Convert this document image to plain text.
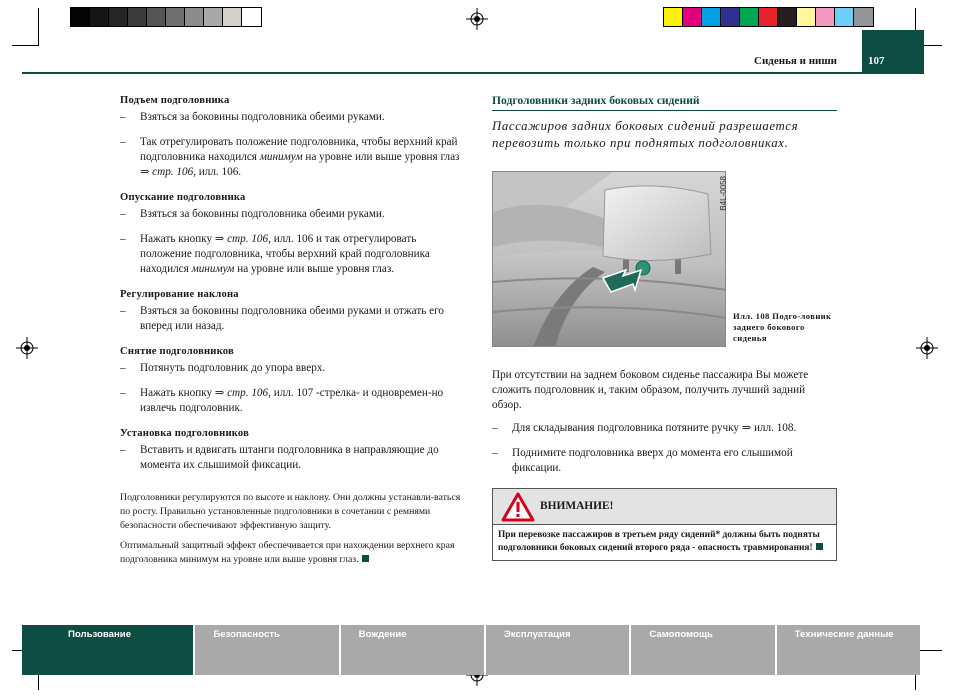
Сиденья и ниши	107
Подъем подголовника
– Взяться за боковины подголовника обеими руками.
– Так отрегулировать положение подголовника, чтобы верхний край подголовника находился минимум на уровне или выше уровня глаз ⇒ стр. 106, илл. 106.
Опускание подголовника
– Взяться за боковины подголовника обеими руками.
– Нажать кнопку ⇒ стр. 106, илл. 106 и так отрегулировать положение подголовника, чтобы верхний край подголовника находился минимум на уровне или выше уровня глаз.
Регулирование наклона
– Взяться за боковины подголовника обеими руками и отжать его вперед или назад.
Снятие подголовников
– Потянуть подголовник до упора вверх.
– Нажать кнопку ⇒ стр. 106, илл. 107 -стрелка- и одновремен-но извлечь подголовник.
Установка подголовников
– Вставить и вдвигать штанги подголовника в направляющие до момента их слышимой фиксации.
Подголовники регулируются по высоте и наклону. Они должны устанавли-ваться по росту. Правильно установленные подголовники в сочетании с ремнями безопасности обеспечивают эффективную защиту.
Оптимальный защитный эффект обеспечивается при нахождении верхнего края подголовника минимум на уровне или выше уровня глаз.
Подголовники задних боковых сидений
Пассажиров задних боковых сидений разрешается перевозить только при поднятых подголовниках.
B4L-0058
Илл. 108 Подго-ловник заднего бокового сиденья
При отсутствии на заднем боковом сиденье пассажира Вы можете сложить подголовник и, таким образом, получить лучший задний обзор.
– Для складывания подголовника потяните ручку ⇒ илл. 108.
– Поднимите подголовника вверх до момента его слышимой фиксации.
ВНИМАНИЕ!
При перевозке пассажиров в третьем ряду сидений* должны быть подняты подголовники боковых сидений второго ряда - опасность травмирования!
Пользование	Безопасность	Вождение	Эксплуатация	Самопомощь	Технические данные
